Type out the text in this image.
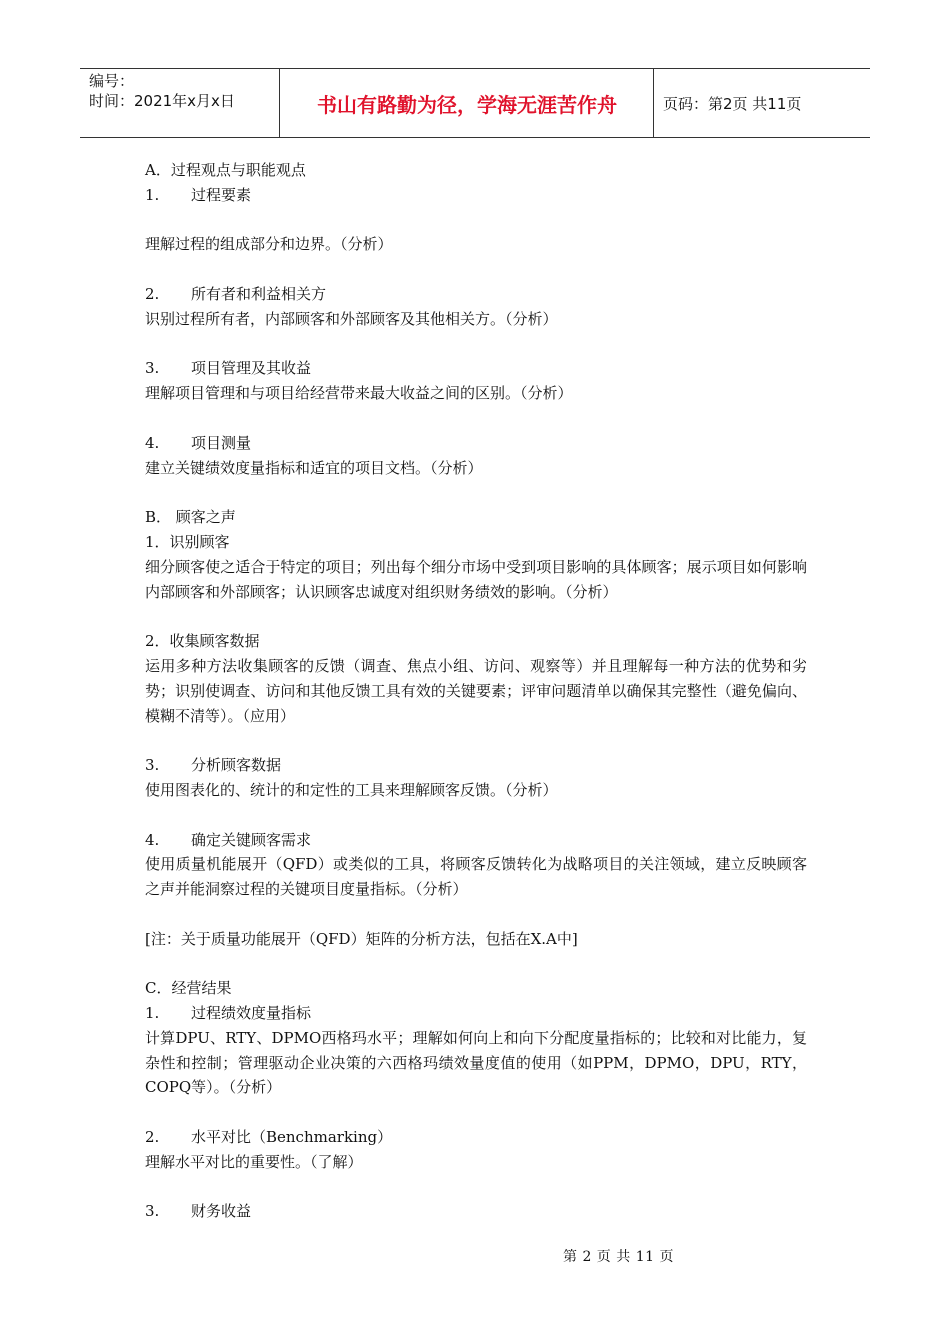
编号：
时间：2021年x月x日	书山有路勤为径，学海无涯苦作舟	页码：第2页 共11页

A．过程观点与职能观点

1. 过程要素

理解过程的组成部分和边界。（分析）

2. 所有者和利益相关方

识别过程所有者，内部顾客和外部顾客及其他相关方。（分析）

3. 项目管理及其收益

理解项目管理和与项目给经营带来最大收益之间的区别。（分析）

4. 项目测量

建立关键绩效度量指标和适宜的项目文档。（分析）

B． 顾客之声

1．识别顾客

细分顾客使之适合于特定的项目；列出每个细分市场中受到项目影响的具体顾客；展示项目如何影响内部顾客和外部顾客；认识顾客忠诚度对组织财务绩效的影响。（分析）

2．收集顾客数据

运用多种方法收集顾客的反馈（调查、焦点小组、访问、观察等）并且理解每一种方法的优势和劣势；识别使调查、访问和其他反馈工具有效的关键要素；评审问题清单以确保其完整性（避免偏向、模糊不清等）。（应用）

3. 分析顾客数据

使用图表化的、统计的和定性的工具来理解顾客反馈。（分析）

4. 确定关键顾客需求

使用质量机能展开（QFD）或类似的工具，将顾客反馈转化为战略项目的关注领域，建立反映顾客之声并能洞察过程的关键项目度量指标。（分析）

[注：关于质量功能展开（QFD）矩阵的分析方法，包括在X.A中]

C．经营结果

1. 过程绩效度量指标

计算DPU、RTY、DPMO西格玛水平；理解如何向上和向下分配度量指标的；比较和对比能力，复杂性和控制；管理驱动企业决策的六西格玛绩效量度值的使用（如PPM，DPMO，DPU，RTY，COPQ等）。（分析）

2. 水平对比（Benchmarking）

理解水平对比的重要性。（了解）

3. 财务收益

第 2 页 共 11 页
